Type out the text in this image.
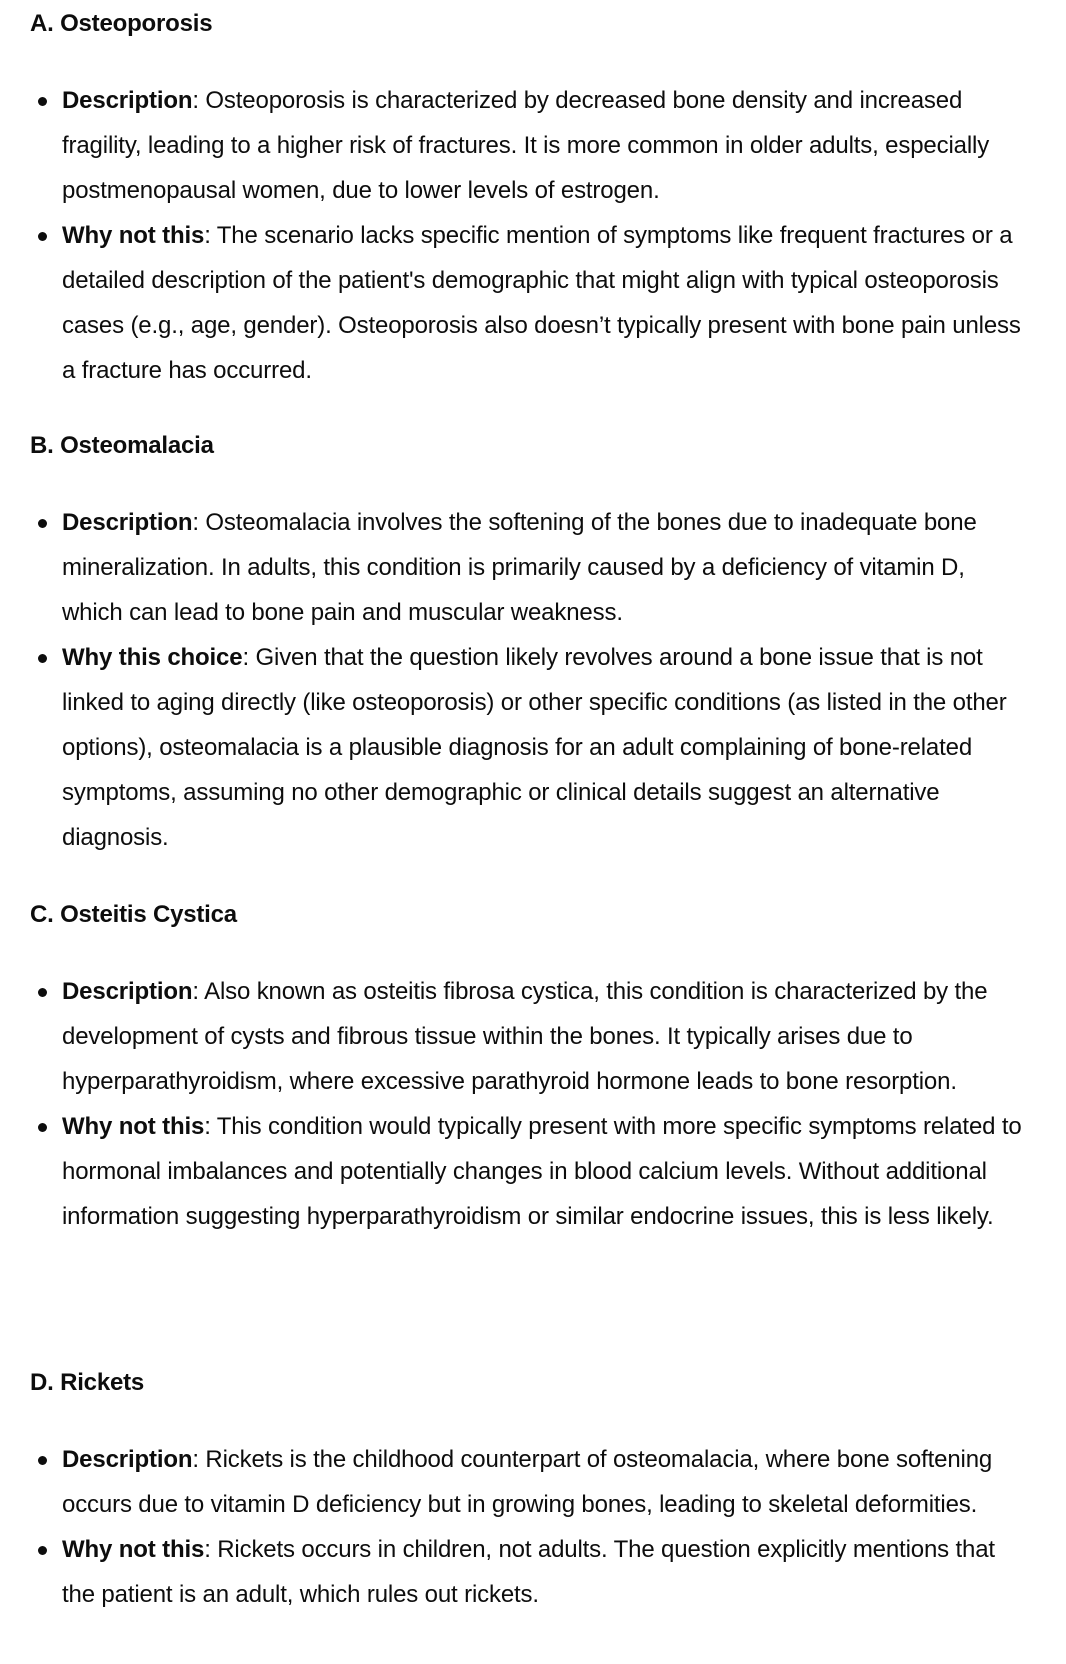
A. Osteoporosis
Description: Osteoporosis is characterized by decreased bone density and increased fragility, leading to a higher risk of fractures. It is more common in older adults, especially postmenopausal women, due to lower levels of estrogen.
Why not this: The scenario lacks specific mention of symptoms like frequent fractures or a detailed description of the patient's demographic that might align with typical osteoporosis cases (e.g., age, gender). Osteoporosis also doesn’t typically present with bone pain unless a fracture has occurred.
B. Osteomalacia
Description: Osteomalacia involves the softening of the bones due to inadequate bone mineralization. In adults, this condition is primarily caused by a deficiency of vitamin D, which can lead to bone pain and muscular weakness.
Why this choice: Given that the question likely revolves around a bone issue that is not linked to aging directly (like osteoporosis) or other specific conditions (as listed in the other options), osteomalacia is a plausible diagnosis for an adult complaining of bone-related symptoms, assuming no other demographic or clinical details suggest an alternative diagnosis.
C. Osteitis Cystica
Description: Also known as osteitis fibrosa cystica, this condition is characterized by the development of cysts and fibrous tissue within the bones. It typically arises due to hyperparathyroidism, where excessive parathyroid hormone leads to bone resorption.
Why not this: This condition would typically present with more specific symptoms related to hormonal imbalances and potentially changes in blood calcium levels. Without additional information suggesting hyperparathyroidism or similar endocrine issues, this is less likely.
D. Rickets
Description: Rickets is the childhood counterpart of osteomalacia, where bone softening occurs due to vitamin D deficiency but in growing bones, leading to skeletal deformities.
Why not this: Rickets occurs in children, not adults. The question explicitly mentions that the patient is an adult, which rules out rickets.
